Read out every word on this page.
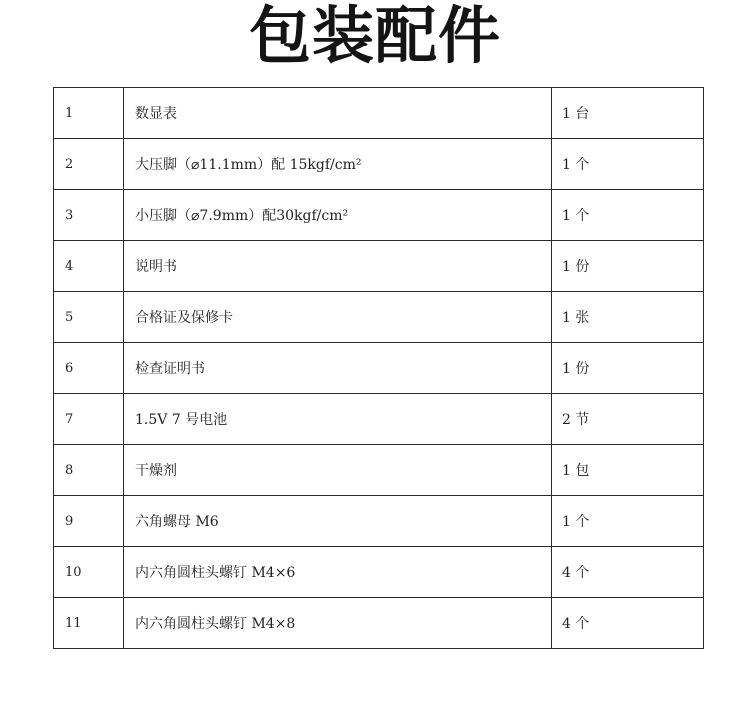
包装配件
1	数显表	1 台
2	大压脚（⌀11.1mm）配 15kgf/cm²	1 个
3	小压脚（⌀7.9mm）配30kgf/cm²	1 个
4	说明书	1 份
5	合格证及保修卡	1 张
6	检查证明书	1 份
7	1.5V 7 号电池	2 节
8	干燥剂	1 包
9	六角螺母 M6	1 个
10	内六角圆柱头螺钉 M4×6	4 个
11	内六角圆柱头螺钉 M4×8	4 个
